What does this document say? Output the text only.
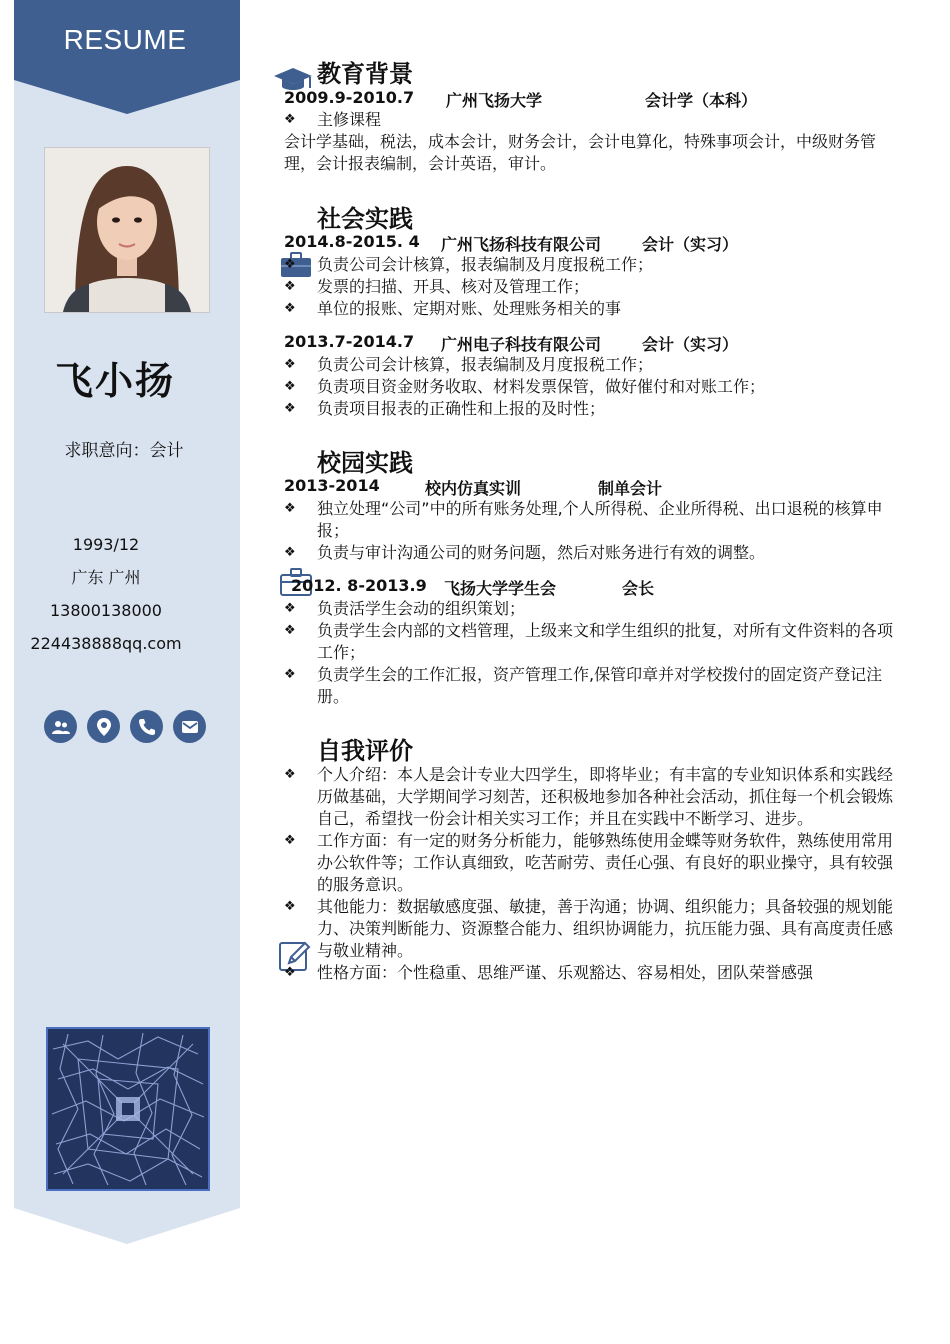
RESUME
飞小扬
求职意向：会计
1993/12
广东 广州
13800138000
224438888qq.com
教育背景
2009.9-2010.7 广州飞扬大学	会计学（本科）
❖ 主修课程
会计学基础，税法，成本会计，财务会计，会计电算化，特殊事项会计，中级财务管理，会计报表编制，会计英语，审计。
社会实践
2014.8-2015. 4 广州飞扬科技有限公司	会计（实习）
❖ 负责公司会计核算，报表编制及月度报税工作；
❖ 发票的扫描、开具、核对及管理工作；
❖ 单位的报账、定期对账、处理账务相关的事
2013.7-2014.7 广州电子科技有限公司	会计（实习）
❖ 负责公司会计核算，报表编制及月度报税工作；
❖ 负责项目资金财务收取、材料发票保管，做好催付和对账工作；
❖ 负责项目报表的正确性和上报的及时性；
校园实践
2013-2014	校内仿真实训	制单会计
❖ 独立处理“公司”中的所有账务处理,个人所得税、企业所得税、出口退税的核算申报；
❖ 负责与审计沟通公司的财务问题，然后对账务进行有效的调整。
2012. 8-2013.9 飞扬大学学生会	会长
❖ 负责活学生会动的组织策划；
❖ 负责学生会内部的文档管理，上级来文和学生组织的批复，对所有文件资料的各项工作；
❖ 负责学生会的工作汇报，资产管理工作,保管印章并对学校拨付的固定资产登记注册。
自我评价
❖ 个人介绍：本人是会计专业大四学生，即将毕业；有丰富的专业知识体系和实践经历做基础，大学期间学习刻苦，还积极地参加各种社会活动，抓住每一个机会锻炼自己，希望找一份会计相关实习工作；并且在实践中不断学习、进步。
❖ 工作方面：有一定的财务分析能力，能够熟练使用金蝶等财务软件，熟练使用常用办公软件等；工作认真细致，吃苦耐劳、责任心强、有良好的职业操守，具有较强的服务意识。
❖ 其他能力：数据敏感度强、敏捷，善于沟通；协调、组织能力；具备较强的规划能力、决策判断能力、资源整合能力、组织协调能力，抗压能力强、具有高度责任感与敬业精神。
❖ 性格方面：个性稳重、思维严谨、乐观豁达、容易相处，团队荣誉感强
